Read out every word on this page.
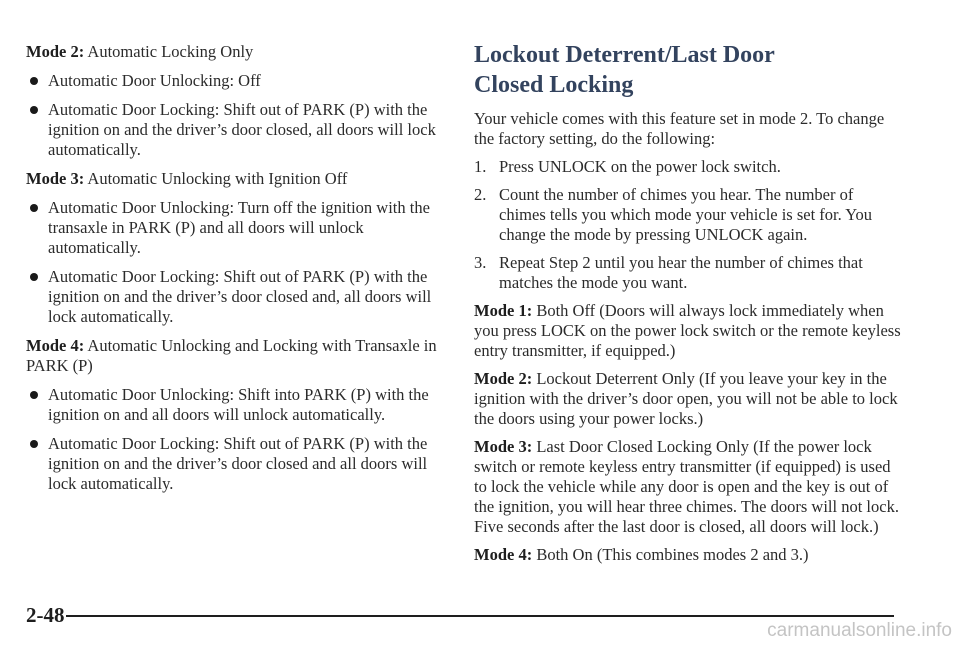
Mode 2: Automatic Locking Only

Automatic Door Unlocking: Off

Automatic Door Locking: Shift out of PARK (P) with the ignition on and the driver’s door closed, all doors will lock automatically.

Mode 3: Automatic Unlocking with Ignition Off

Automatic Door Unlocking: Turn off the ignition with the transaxle in PARK (P) and all doors will unlock automatically.

Automatic Door Locking: Shift out of PARK (P) with the ignition on and the driver’s door closed and, all doors will lock automatically.

Mode 4: Automatic Unlocking and Locking with Transaxle in PARK (P)

Automatic Door Unlocking: Shift into PARK (P) with the ignition on and all doors will unlock automatically.

Automatic Door Locking: Shift out of PARK (P) with the ignition on and the driver’s door closed and all doors will lock automatically.

Lockout Deterrent/Last Door
Closed Locking

Your vehicle comes with this feature set in mode 2. To change the factory setting, do the following:

1. Press UNLOCK on the power lock switch.

2. Count the number of chimes you hear. The number of chimes tells you which mode your vehicle is set for. You change the mode by pressing UNLOCK again.

3. Repeat Step 2 until you hear the number of chimes that matches the mode you want.

Mode 1: Both Off (Doors will always lock immediately when you press LOCK on the power lock switch or the remote keyless entry transmitter, if equipped.)

Mode 2: Lockout Deterrent Only (If you leave your key in the ignition with the driver’s door open, you will not be able to lock the doors using your power locks.)

Mode 3: Last Door Closed Locking Only (If the power lock switch or remote keyless entry transmitter (if equipped) is used to lock the vehicle while any door is open and the key is out of the ignition, you will hear three chimes. The doors will not lock. Five seconds after the last door is closed, all doors will lock.)

Mode 4: Both On (This combines modes 2 and 3.)

2-48
carmanualsonline.info
